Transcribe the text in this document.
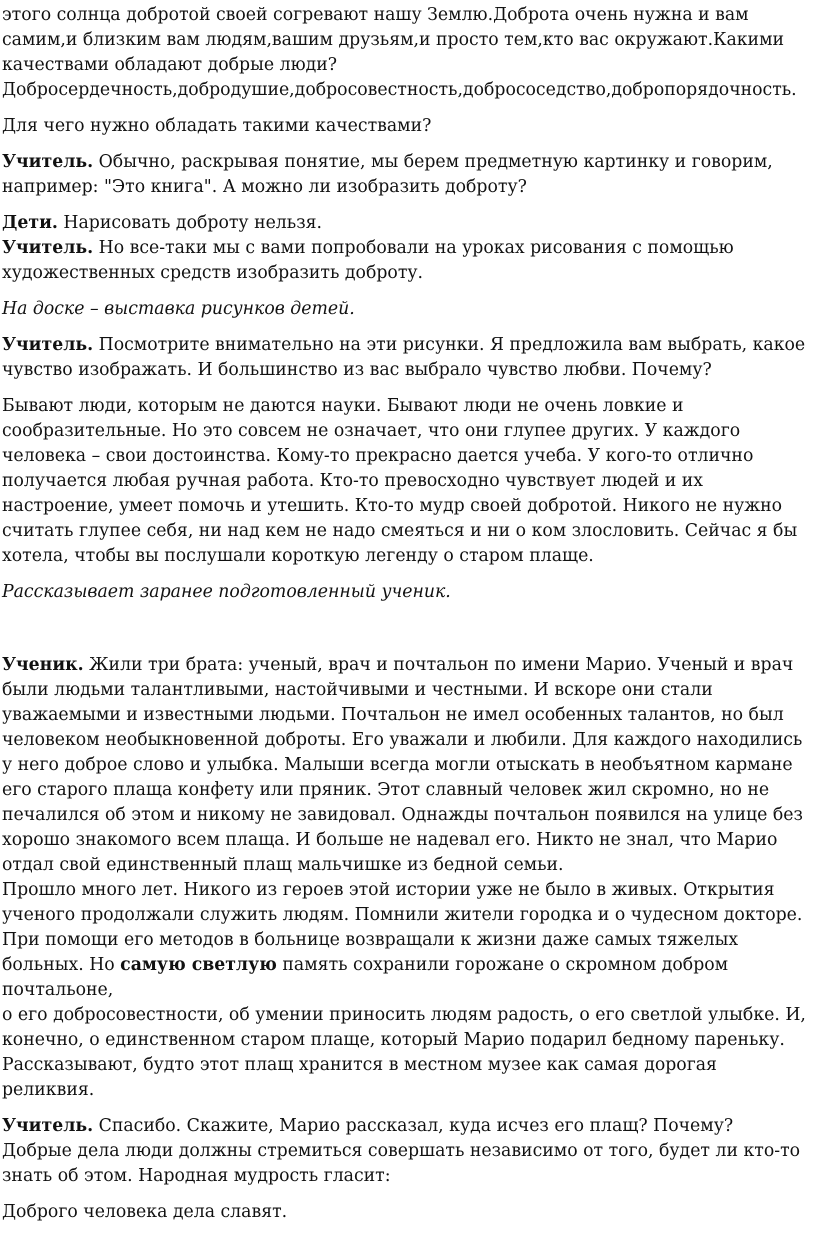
этого солнца добротой своей согревают нашу Землю.Доброта очень нужна и вам самим,и близким вам людям,вашим друзьям,и просто тем,кто вас окружают.Какими качествами обладают добрые люди?Добросердечность,добродушие,добросовестность,добрососедство,добропорядочность.

Для чего нужно обладать такими качествами?

Учитель. Обычно, раскрывая понятие, мы берем предметную картинку и говорим, например: "Это книга". А можно ли изобразить доброту?

Дети. Нарисовать доброту нельзя.

Учитель. Но все-таки мы с вами попробовали на уроках рисования с помощью художественных средств изобразить доброту.

На доске – выставка рисунков детей.

Учитель. Посмотрите внимательно на эти рисунки. Я предложила вам выбрать, какое чувство изображать. И большинство из вас выбрало чувство любви. Почему?

Бывают люди, которым не даются науки. Бывают люди не очень ловкие и сообразительные. Но это совсем не означает, что они глупее других. У каждого человека – свои достоинства. Кому-то прекрасно дается учеба. У кого-то отлично получается любая ручная работа. Кто-то превосходно чувствует людей и их настроение, умеет помочь и утешить. Кто-то мудр своей добротой. Никого не нужно считать глупее себя, ни над кем не надо смеяться и ни о ком злословить. Сейчас я бы хотела, чтобы вы послушали короткую легенду о старом плаще.

Рассказывает заранее подготовленный ученик.

Ученик. Жили три брата: ученый, врач и почтальон по имени Марио. Ученый и врач были людьми талантливыми, настойчивыми и честными. И вскоре они стали уважаемыми и известными людьми. Почтальон не имел особенных талантов, но был человеком необыкновенной доброты. Его уважали и любили. Для каждого находились у него доброе слово и улыбка. Малыши всегда могли отыскать в необъятном кармане его старого плаща конфету или пряник. Этот славный человек жил скромно, но не печалился об этом и никому не завидовал. Однажды почтальон появился на улице без хорошо знакомого всем плаща. И больше не надевал его. Никто не знал, что Марио отдал свой единственный плащ мальчишке из бедной семьи.

Прошло много лет. Никого из героев этой истории уже не было в живых. Открытия ученого продолжали служить людям. Помнили жители городка и о чудесном докторе. При помощи его методов в больнице возвращали к жизни даже самых тяжелых больных. Но самую светлую память сохранили горожане о скромном добром почтальоне,

о его добросовестности, об умении приносить людям радость, о его светлой улыбке. И, конечно, о единственном старом плаще, который Марио подарил бедному пареньку. Рассказывают, будто этот плащ хранится в местном музее как самая дорогая реликвия.

Учитель. Спасибо. Скажите, Марио рассказал, куда исчез его плащ? Почему? Добрые дела люди должны стремиться совершать независимо от того, будет ли кто-то знать об этом. Народная мудрость гласит:

Доброго человека дела славят.
